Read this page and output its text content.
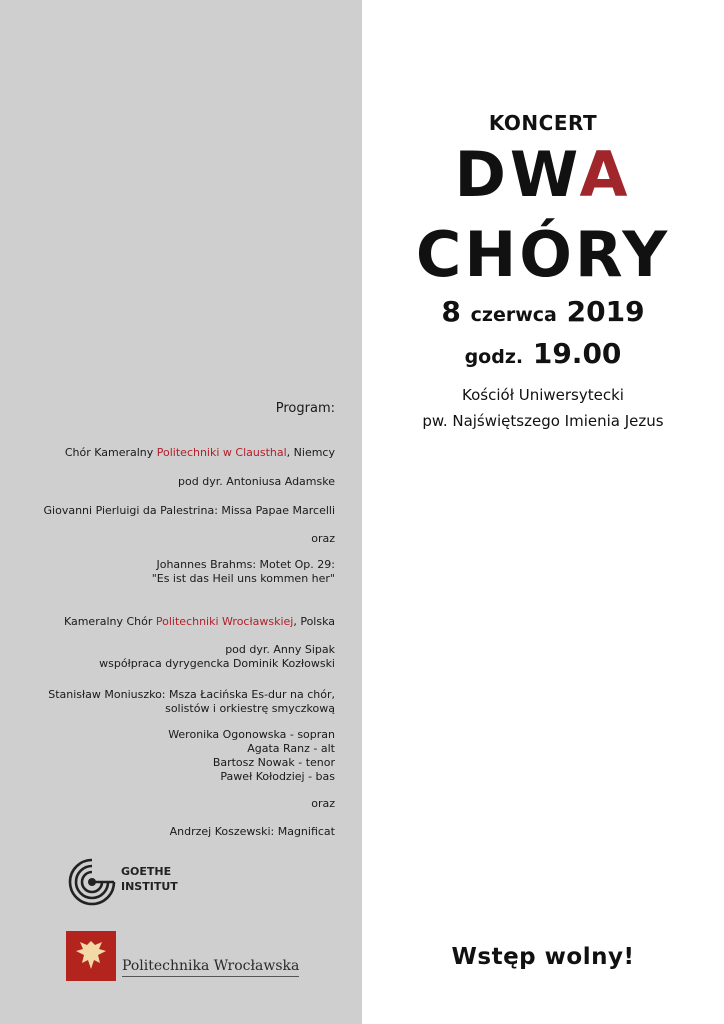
Program:
Chór Kameralny Politechniki w Clausthal, Niemcy
pod dyr. Antoniusa Adamske
Giovanni Pierluigi da Palestrina: Missa Papae Marcelli
oraz
Johannes Brahms: Motet Op. 29:
"Es ist das Heil uns kommen her"
Kameralny Chór Politechniki Wrocławskiej, Polska
pod dyr. Anny Sipak
współpraca dyrygencka Dominik Kozłowski
Stanisław Moniuszko: Msza Łacińska Es-dur na chór,
solistów i orkiestrę smyczkową
Weronika Ogonowska - sopran
Agata Ranz - alt
Bartosz Nowak - tenor
Paweł Kołodziej - bas
oraz
Andrzej Koszewski: Magnificat
GOETHE
INSTITUT
Politechnika Wrocławska
KONCERT
DWA
CHÓRY
8 czerwca 2019
godz. 19.00
Kościół Uniwersytecki
pw. Najświętszego Imienia Jezus
Wstęp wolny!
